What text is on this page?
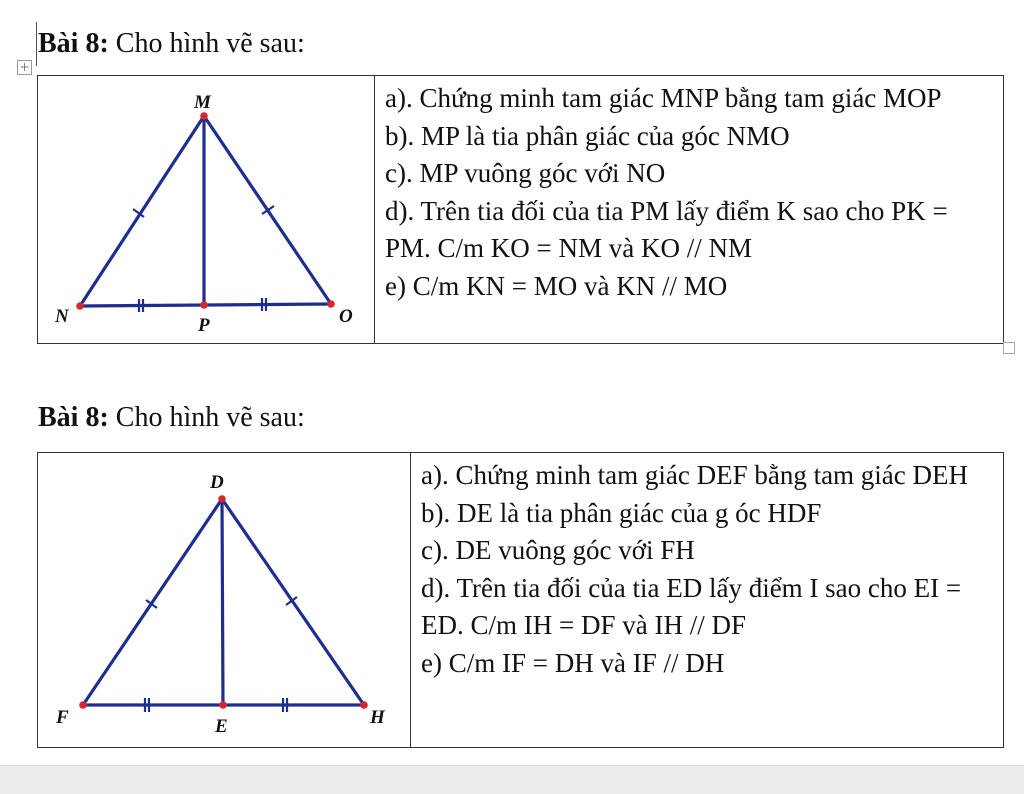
+
Bài 8: Cho hình vẽ sau:
M
N	P	O

a). Chứng minh tam giác MNP bằng tam giác MOP

b). MP là tia phân giác của góc NMO

c). MP vuông góc với NO

d). Trên tia đối của tia PM lấy điểm K sao cho PK = PM. C/m KO = NM và KO // NM

e) C/m KN = MO và KN // MO

Bài 8: Cho hình vẽ sau:
D
F	E	H

a). Chứng minh tam giác DEF bằng tam giác DEH

b). DE là tia phân giác của g óc HDF

c). DE vuông góc với FH

d). Trên tia đối của tia ED lấy điểm I sao cho EI = ED. C/m IH = DF và IH // DF

e) C/m IF = DH và IF // DH
